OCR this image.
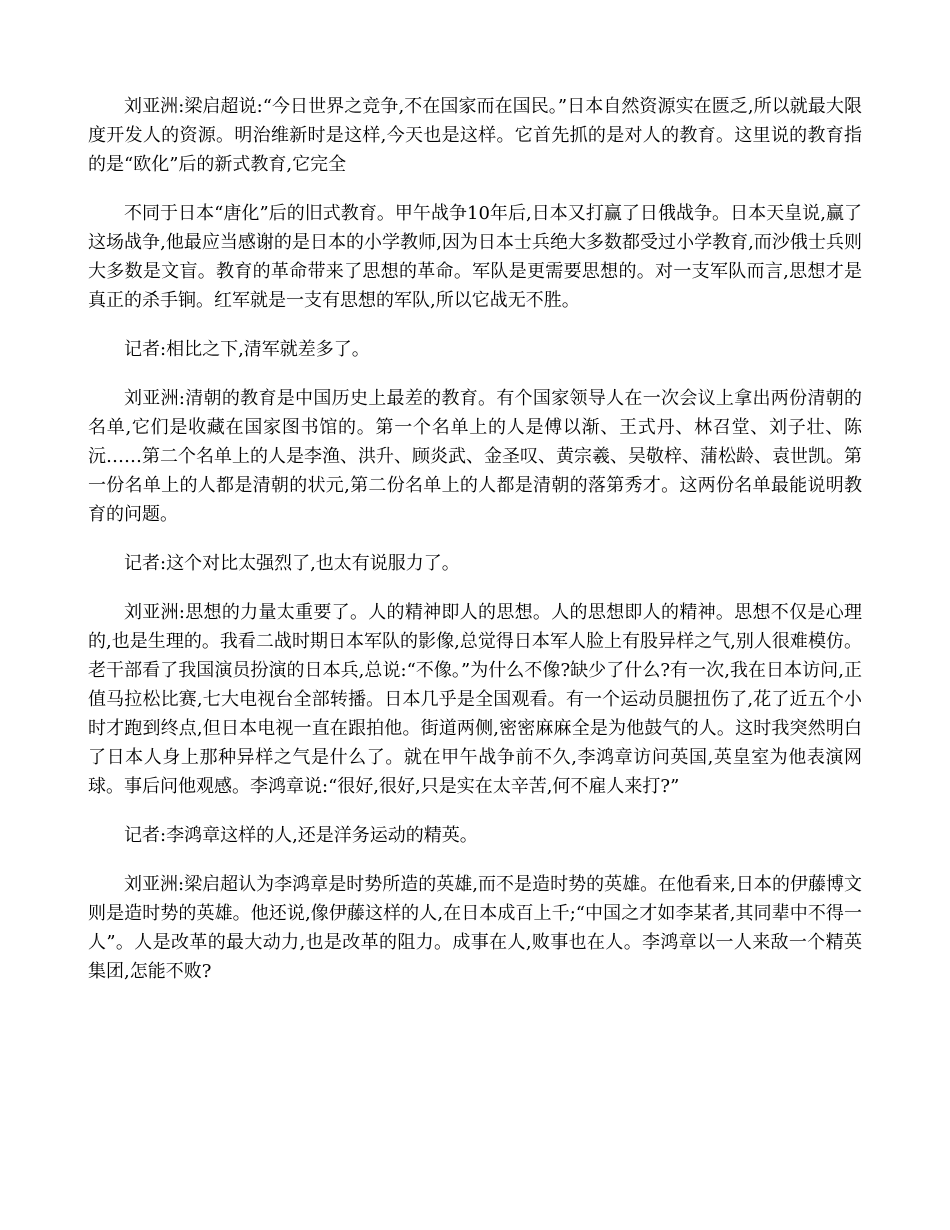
刘亚洲:梁启超说:“今日世界之竞争,不在国家而在国民。”日本自然资源实在匮乏,所以就最大限度开发人的资源。明治维新时是这样,今天也是这样。它首先抓的是对人的教育。这里说的教育指的是“欧化”后的新式教育,它完全

不同于日本“唐化”后的旧式教育。甲午战争10年后,日本又打赢了日俄战争。日本天皇说,赢了这场战争,他最应当感谢的是日本的小学教师,因为日本士兵绝大多数都受过小学教育,而沙俄士兵则大多数是文盲。教育的革命带来了思想的革命。军队是更需要思想的。对一支军队而言,思想才是真正的杀手锏。红军就是一支有思想的军队,所以它战无不胜。

记者:相比之下,清军就差多了。

刘亚洲:清朝的教育是中国历史上最差的教育。有个国家领导人在一次会议上拿出两份清朝的名单,它们是收藏在国家图书馆的。第一个名单上的人是傅以渐、王式丹、林召堂、刘子壮、陈沅……第二个名单上的人是李渔、洪升、顾炎武、金圣叹、黄宗羲、吴敬梓、蒲松龄、袁世凯。第一份名单上的人都是清朝的状元,第二份名单上的人都是清朝的落第秀才。这两份名单最能说明教育的问题。

记者:这个对比太强烈了,也太有说服力了。

刘亚洲:思想的力量太重要了。人的精神即人的思想。人的思想即人的精神。思想不仅是心理的,也是生理的。我看二战时期日本军队的影像,总觉得日本军人脸上有股异样之气,别人很难模仿。老干部看了我国演员扮演的日本兵,总说:“不像。”为什么不像?缺少了什么?有一次,我在日本访问,正值马拉松比赛,七大电视台全部转播。日本几乎是全国观看。有一个运动员腿扭伤了,花了近五个小时才跑到终点,但日本电视一直在跟拍他。街道两侧,密密麻麻全是为他鼓气的人。这时我突然明白了日本人身上那种异样之气是什么了。就在甲午战争前不久,李鸿章访问英国,英皇室为他表演网球。事后问他观感。李鸿章说:“很好,很好,只是实在太辛苦,何不雇人来打?”

记者:李鸿章这样的人,还是洋务运动的精英。

刘亚洲:梁启超认为李鸿章是时势所造的英雄,而不是造时势的英雄。在他看来,日本的伊藤博文则是造时势的英雄。他还说,像伊藤这样的人,在日本成百上千;“中国之才如李某者,其同辈中不得一人”。人是改革的最大动力,也是改革的阻力。成事在人,败事也在人。李鸿章以一人来敌一个精英集团,怎能不败?
